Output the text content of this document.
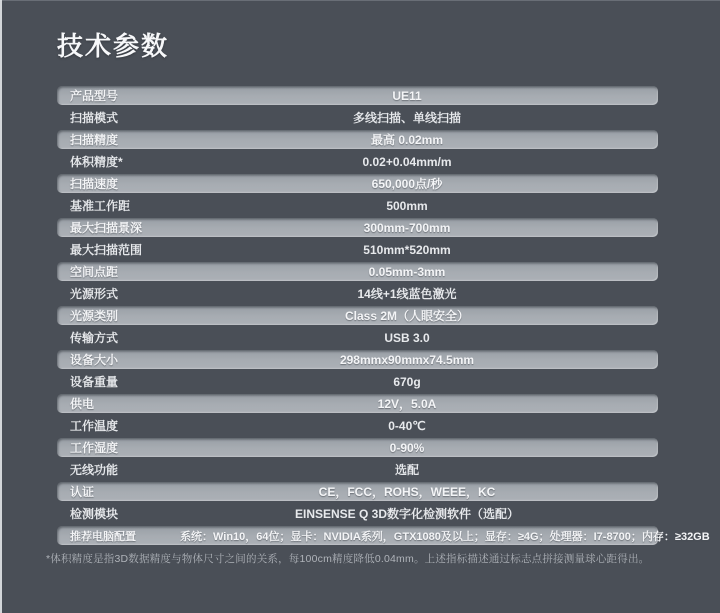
技术参数
产品型号	UE11
扫描模式	多线扫描、单线扫描
扫描精度	最高 0.02mm
体积精度*	0.02+0.04mm/m
扫描速度	650,000点/秒
基准工作距	500mm
最大扫描景深	300mm-700mm
最大扫描范围	510mm*520mm
空间点距	0.05mm-3mm
光源形式	14线+1线蓝色激光
光源类别	Class 2M（人眼安全）
传输方式	USB 3.0
设备大小	298mmx90mmx74.5mm
设备重量	670g
供电	12V，5.0A
工作温度	0-40℃
工作湿度	0-90%
无线功能	选配
认证	CE，FCC，ROHS，WEEE，KC
检测模块	EINSENSE Q 3D数字化检测软件（选配）
推荐电脑配置	系统：Win10，64位；显卡：NVIDIA系列，GTX1080及以上；显存：≥4G；处理器：I7-8700；内存：≥32GB
*体积精度是指3D数据精度与物体尺寸之间的关系，每100cm精度降低0.04mm。上述指标描述通过标志点拼接测量球心距得出。
